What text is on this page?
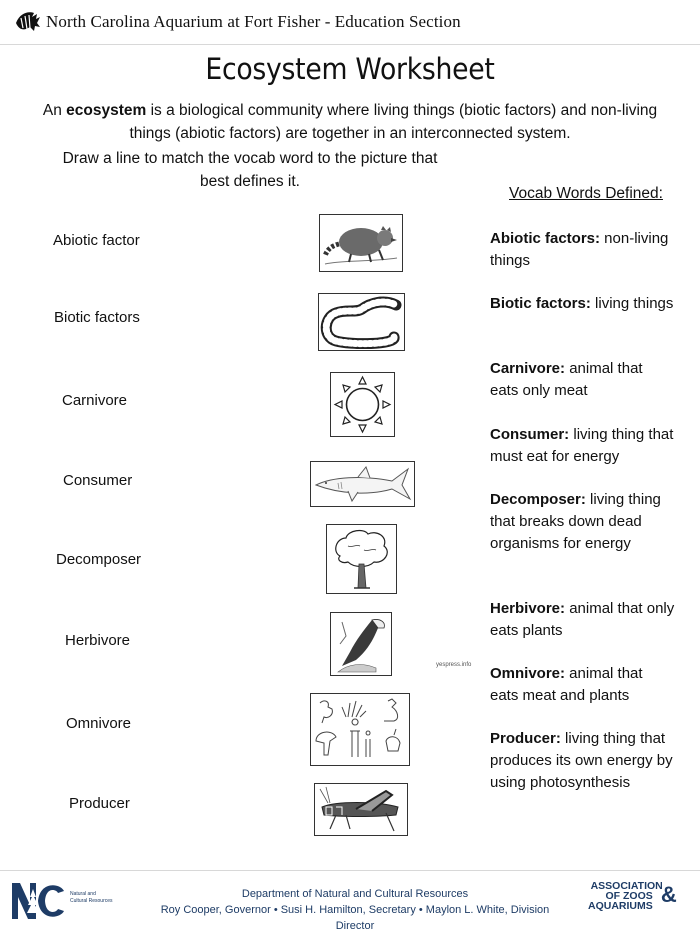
North Carolina Aquarium at Fort Fisher - Education Section
Ecosystem Worksheet
An ecosystem is a biological community where living things (biotic factors) and non-living
things (abiotic factors) are together in an interconnected system.
Draw a line to match the vocab word to the picture that
best defines it.
Vocab Words Defined:
Abiotic factor
Biotic factors
Carnivore
Consumer
Decomposer
Herbivore
Omnivore
Producer
yespress.info
Abiotic factors: non-living things
Biotic factors: living things
Carnivore: animal that eats only meat
Consumer: living thing that must eat for energy
Decomposer: living thing that breaks down dead organisms for energy
Herbivore: animal that only eats plants
Omnivore: animal that eats meat and plants
Producer: living thing that produces its own energy by using photosynthesis
Natural and
Cultural Resources
Department of Natural and Cultural Resources
Roy Cooper, Governor • Susi H. Hamilton, Secretary • Maylon L. White, Division
Director
ASSOCIATION
OF ZOOS
AQUARIUMS &
